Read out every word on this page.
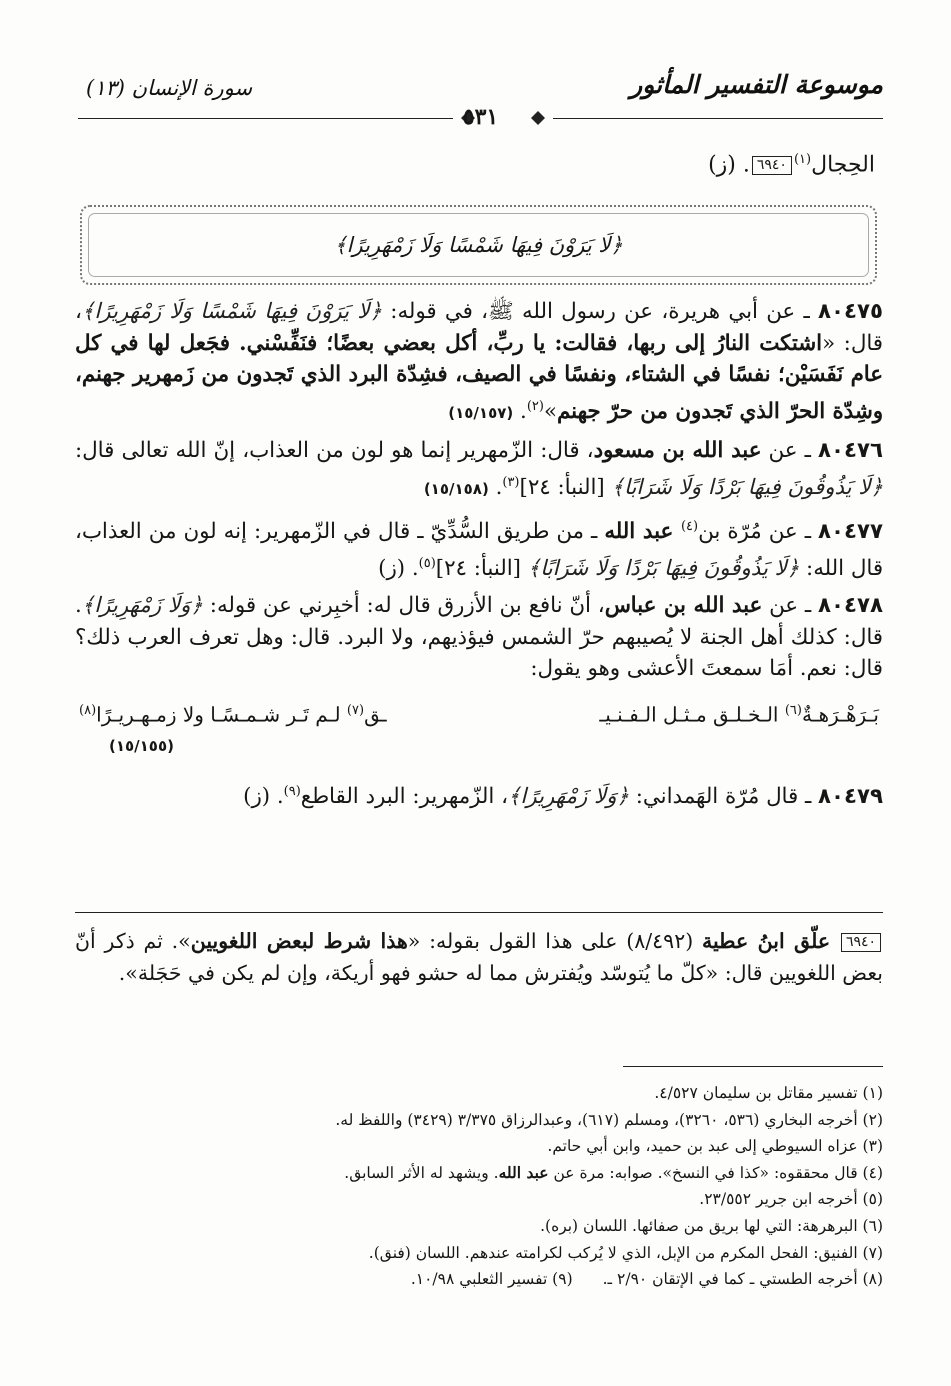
موسوعة التفسير المأثور
سورة الإنسان (١٣)
٥٣١
الحِجال$^{(١)}$٦٩٤٠. (ز)
﴿لَا يَرَوْنَ فِيهَا شَمْسًا وَلَا زَمْهَرِيرًا﴾
٨٠٤٧٥ ـ عن أبي هريرة، عن رسول الله ﷺ، في قوله: ﴿لَا يَرَوْنَ فِيهَا شَمْسًا وَلَا زَمْهَرِيرًا﴾، قال: «اشتكت النارُ إلى ربها، فقالت: يا ربِّ، أكل بعضي بعضًا؛ فنَفِّسْني. فجَعل لها في كل عام نَفَسَيْن؛ نفسًا في الشتاء، ونفسًا في الصيف، فشِدّة البرد الذي تَجدون من زَمهرير جهنم، وشِدّة الحرّ الذي تَجدون من حرّ جهنم»$^{(٢)}$. (١٥/١٥٧)
٨٠٤٧٦ ـ عن عبد الله بن مسعود، قال: الزّمهرير إنما هو لون من العذاب، إنّ الله تعالى قال: ﴿لَا يَذُوقُونَ فِيهَا بَرْدًا وَلَا شَرَابًا﴾ [النبأ: ٢٤]$^{(٣)}$. (١٥/١٥٨)
٨٠٤٧٧ ـ عن مُرّة بن$^{(٤)}$ عبد الله ـ من طريق السُّدِّيّ ـ قال في الزّمهرير: إنه لون من العذاب، قال الله: ﴿لَا يَذُوقُونَ فِيهَا بَرْدًا وَلَا شَرَابًا﴾ [النبأ: ٢٤]$^{(٥)}$. (ز)
٨٠٤٧٨ ـ عن عبد الله بن عباس، أنّ نافع بن الأزرق قال له: أخبِرني عن قوله: ﴿وَلَا زَمْهَرِيرًا﴾. قال: كذلك أهل الجنة لا يُصيبهم حرّ الشمس فيؤذيهم، ولا البرد. قال: وهل تعرف العرب ذلك؟ قال: نعم. أمَا سمعتَ الأعشى وهو يقول:
بَـرَهْـرَهـةٌ$^{(٦)}$ الـخـلـق مـثـل الـفـنـيـ
ـق$^{(٧)}$ لـم تَـر شـمـسًـا ولا زمـهـريـرًا$^{(٨)}$
(١٥/١٥٥)
٨٠٤٧٩ ـ قال مُرّة الهَمداني: ﴿وَلَا زَمْهَرِيرًا﴾، الزّمهرير: البرد القاطع$^{(٩)}$. (ز)
٦٩٤٠ علّق ابنُ عطية (٨/٤٩٢) على هذا القول بقوله: «هذا شرط لبعض اللغويين». ثم ذكر أنّ بعض اللغويين قال: «كلّ ما يُتوسّد ويُفترش مما له حشو فهو أريكة، وإن لم يكن في حَجَلة».
(١) تفسير مقاتل بن سليمان ٤/٥٢٧.
(٢) أخرجه البخاري (٥٣٦، ٣٢٦٠)، ومسلم (٦١٧)، وعبدالرزاق ٣/٣٧٥ (٣٤٢٩) واللفظ له.
(٣) عزاه السيوطي إلى عبد بن حميد، وابن أبي حاتم.
(٤) قال محققوه: «كذا في النسخ». صوابه: مرة عن عبد الله. ويشهد له الأثر السابق.
(٥) أخرجه ابن جرير ٢٣/٥٥٢.
(٦) البرهرهة: التي لها بريق من صفائها. اللسان (بره).
(٧) الفنيق: الفحل المكرم من الإبل، الذي لا يُركب لكرامته عندهم. اللسان (فنق).
(٨) أخرجه الطستي ـ كما في الإتقان ٢/٩٠ ـ.(٩) تفسير الثعلبي ١٠/٩٨.
